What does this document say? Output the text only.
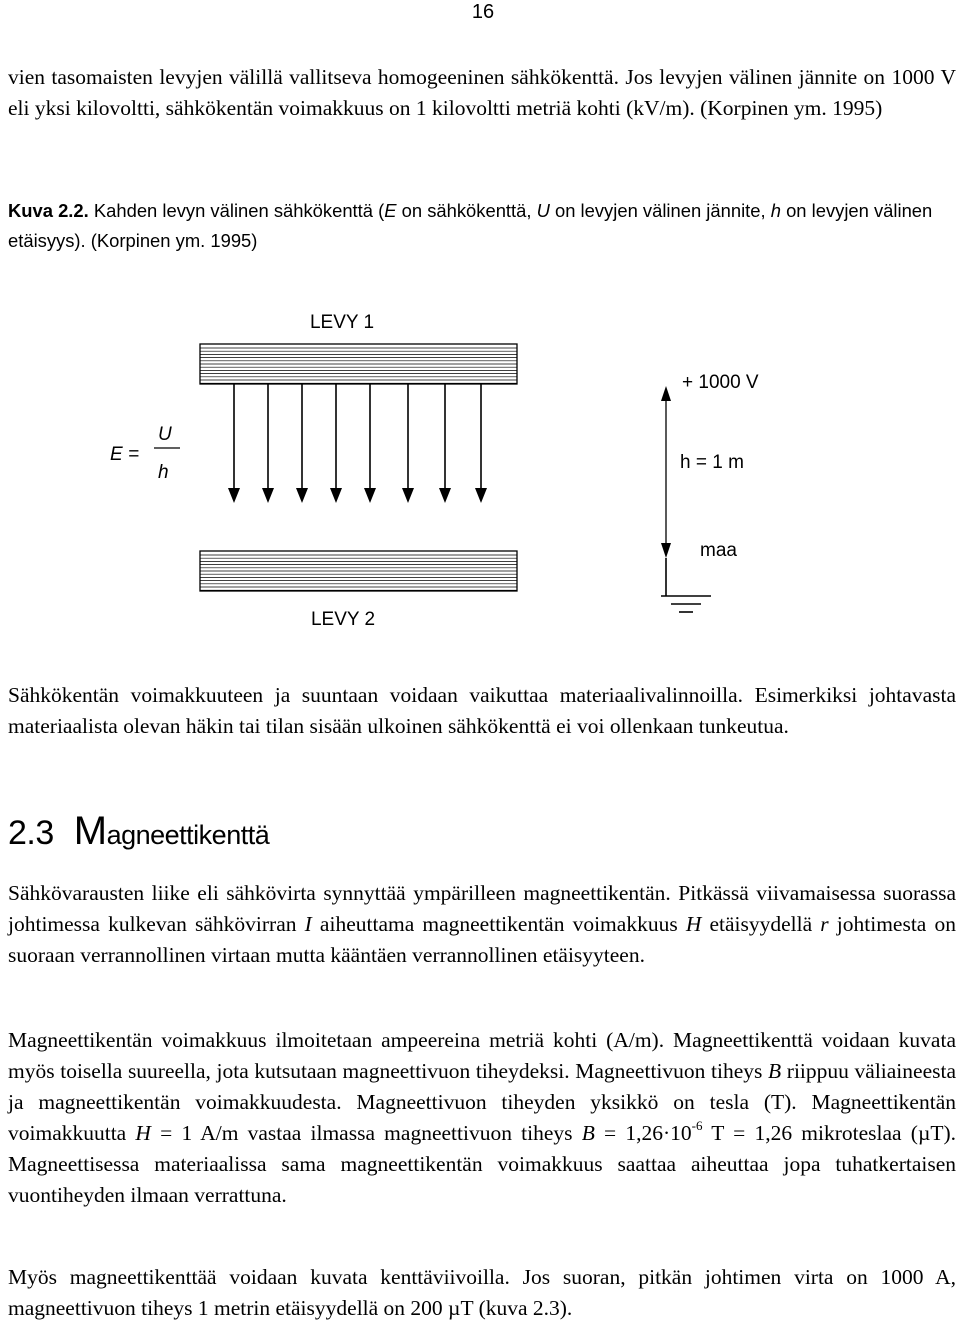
16

vien tasomaisten levyjen välillä vallitseva homogeeninen sähkökenttä. Jos levyjen välinen jännite on 1000 V eli yksi kilovoltti, sähkökentän voimakkuus on 1 kilovoltti metriä kohti (kV/m). (Korpinen ym. 1995)

Kuva 2.2. Kahden levyn välinen sähkökenttä (E on sähkökenttä, U on levyjen välinen jännite, h on levyjen välinen etäisyys). (Korpinen ym. 1995)

LEVY 1
LEVY 2
E =
U
h
+ 1000 V
h = 1 m
maa

Sähkökentän voimakkuuteen ja suuntaan voidaan vaikuttaa materiaalivalinnoilla. Esimerkiksi johtavasta materiaalista olevan häkin tai tilan sisään ulkoinen sähkökenttä ei voi ollenkaan tunkeutua.

2.3 Magneettikenttä

Sähkövarausten liike eli sähkövirta synnyttää ympärilleen magneettikentän. Pitkässä viivamaisessa suorassa johtimessa kulkevan sähkövirran I aiheuttama magneettikentän voimakkuus H etäisyydellä r johtimesta on suoraan verrannollinen virtaan mutta kääntäen verrannollinen etäisyyteen.

Magneettikentän voimakkuus ilmoitetaan ampeereina metriä kohti (A/m). Magneettikenttä voidaan kuvata myös toisella suureella, jota kutsutaan magneettivuon tiheydeksi. Magneettivuon tiheys B riippuu väliaineesta ja magneettikentän voimakkuudesta. Magneettivuon tiheyden yksikkö on tesla (T). Magneettikentän voimakkuutta H = 1 A/m vastaa ilmassa magneettivuon tiheys $B = 1,26\cdot 10^{-6}$ T = 1,26 mikroteslaa (µT). Magneettisessa materiaalissa sama magneettikentän voimakkuus saattaa aiheuttaa jopa tuhatkertaisen vuontiheyden ilmaan verrattuna.

Myös magneettikenttää voidaan kuvata kenttäviivoilla. Jos suoran, pitkän johtimen virta on 1000 A, magneettivuon tiheys 1 metrin etäisyydellä on 200 µT (kuva 2.3).
